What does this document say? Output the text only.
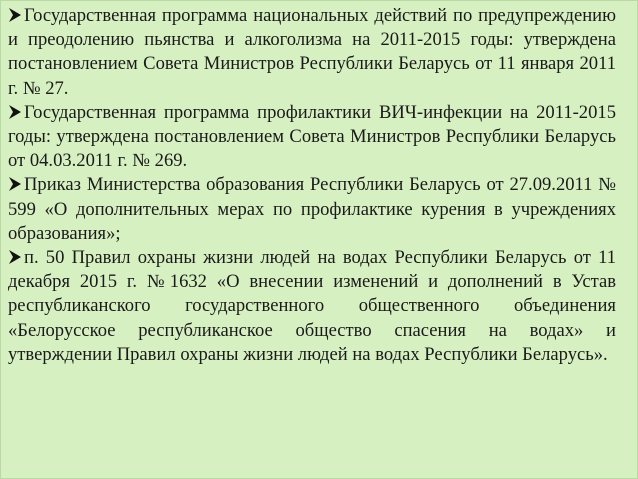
Государственная программа национальных действий по предупреждению и преодолению пьянства и алкоголизма на 2011-2015 годы: утверждена постановлением Совета Министров Республики Беларусь от 11 января 2011 г. № 27.

Государственная программа профилактики ВИЧ-инфекции на 2011-2015 годы: утверждена постановлением Совета Министров Республики Беларусь от 04.03.2011 г. № 269.

Приказ Министерства образования Республики Беларусь от 27.09.2011 № 599 «О дополнительных мерах по профилактике курения в учреждениях образования»;

п. 50 Правил охраны жизни людей на водах Республики Беларусь от 11 декабря 2015 г. №1632 «О внесении изменений и дополнений в Устав республиканского государственного общественного объединения «Белорусское республиканское общество спасения на водах» и утверждении Правил охраны жизни людей на водах Республики Беларусь».
